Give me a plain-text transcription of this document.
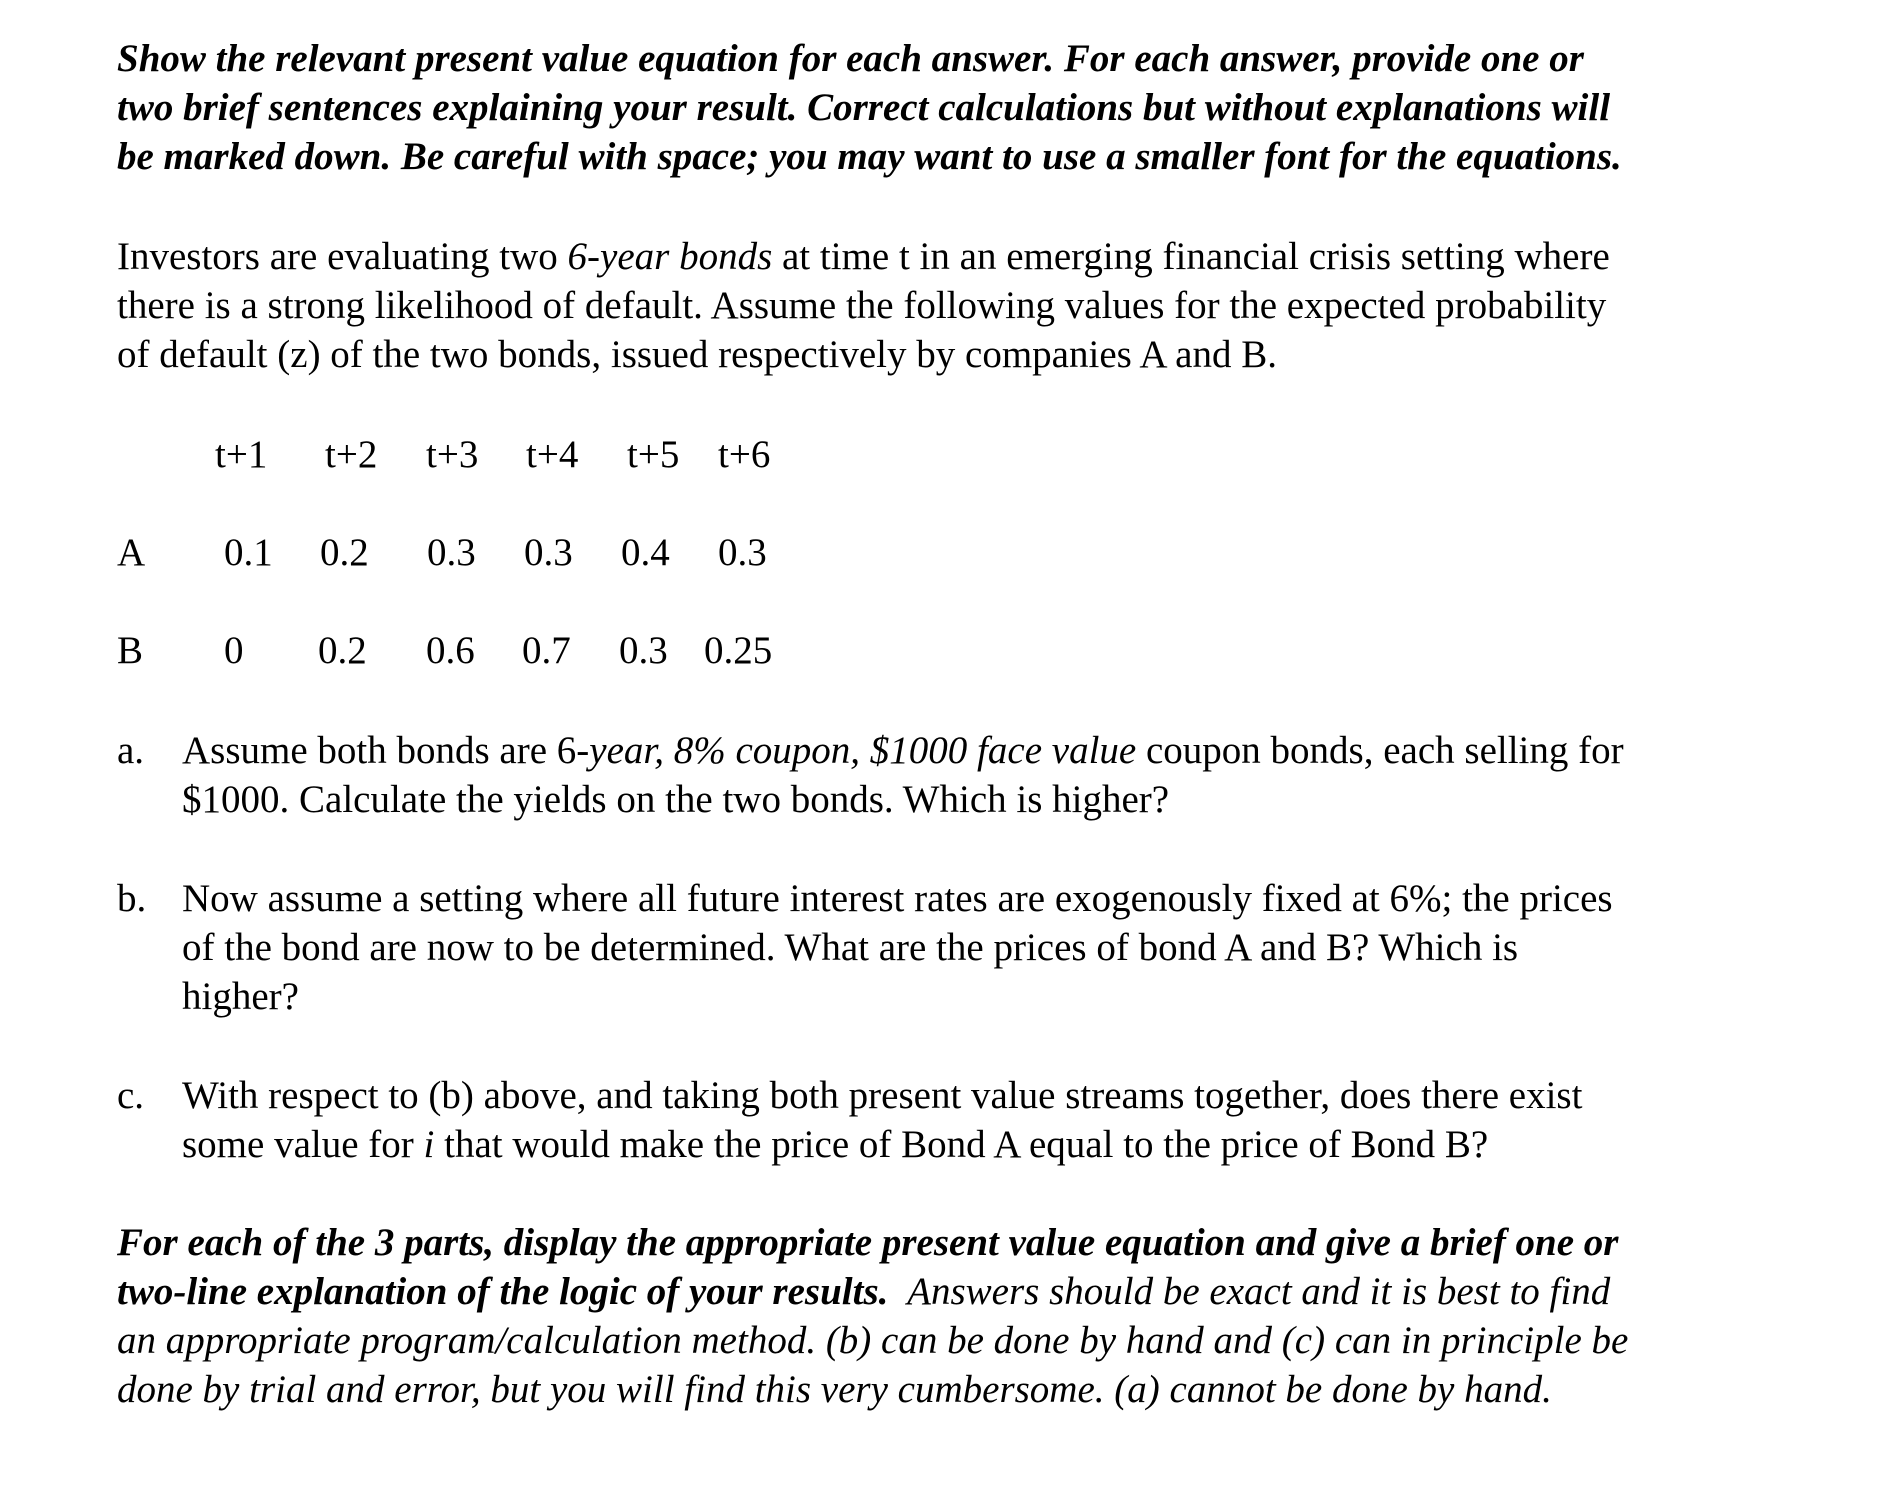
Show the relevant present value equation for each answer. For each answer, provide one or
two brief sentences explaining your result. Correct calculations but without explanations will
be marked down. Be careful with space; you may want to use a smaller font for the equations.
Investors are evaluating two 6-year bonds at time t in an emerging financial crisis setting where
there is a strong likelihood of default. Assume the following values for the expected probability
of default (z) of the two bonds, issued respectively by companies A and B.
t+1 t+2 t+3 t+4 t+5 t+6
A 0.1 0.2 0.3 0.3 0.4 0.3
B 0 0.2 0.6 0.7 0.3 0.25
a. Assume both bonds are 6-year, 8% coupon, $1000 face value coupon bonds, each selling for
$1000. Calculate the yields on the two bonds. Which is higher?
b. Now assume a setting where all future interest rates are exogenously fixed at 6%; the prices
of the bond are now to be determined. What are the prices of bond A and B? Which is
higher?
c. With respect to (b) above, and taking both present value streams together, does there exist
some value for i that would make the price of Bond A equal to the price of Bond B?
For each of the 3 parts, display the appropriate present value equation and give a brief one or
two-line explanation of the logic of your results.  Answers should be exact and it is best to find
an appropriate program/calculation method. (b) can be done by hand and (c) can in principle be
done by trial and error, but you will find this very cumbersome. (a) cannot be done by hand.
